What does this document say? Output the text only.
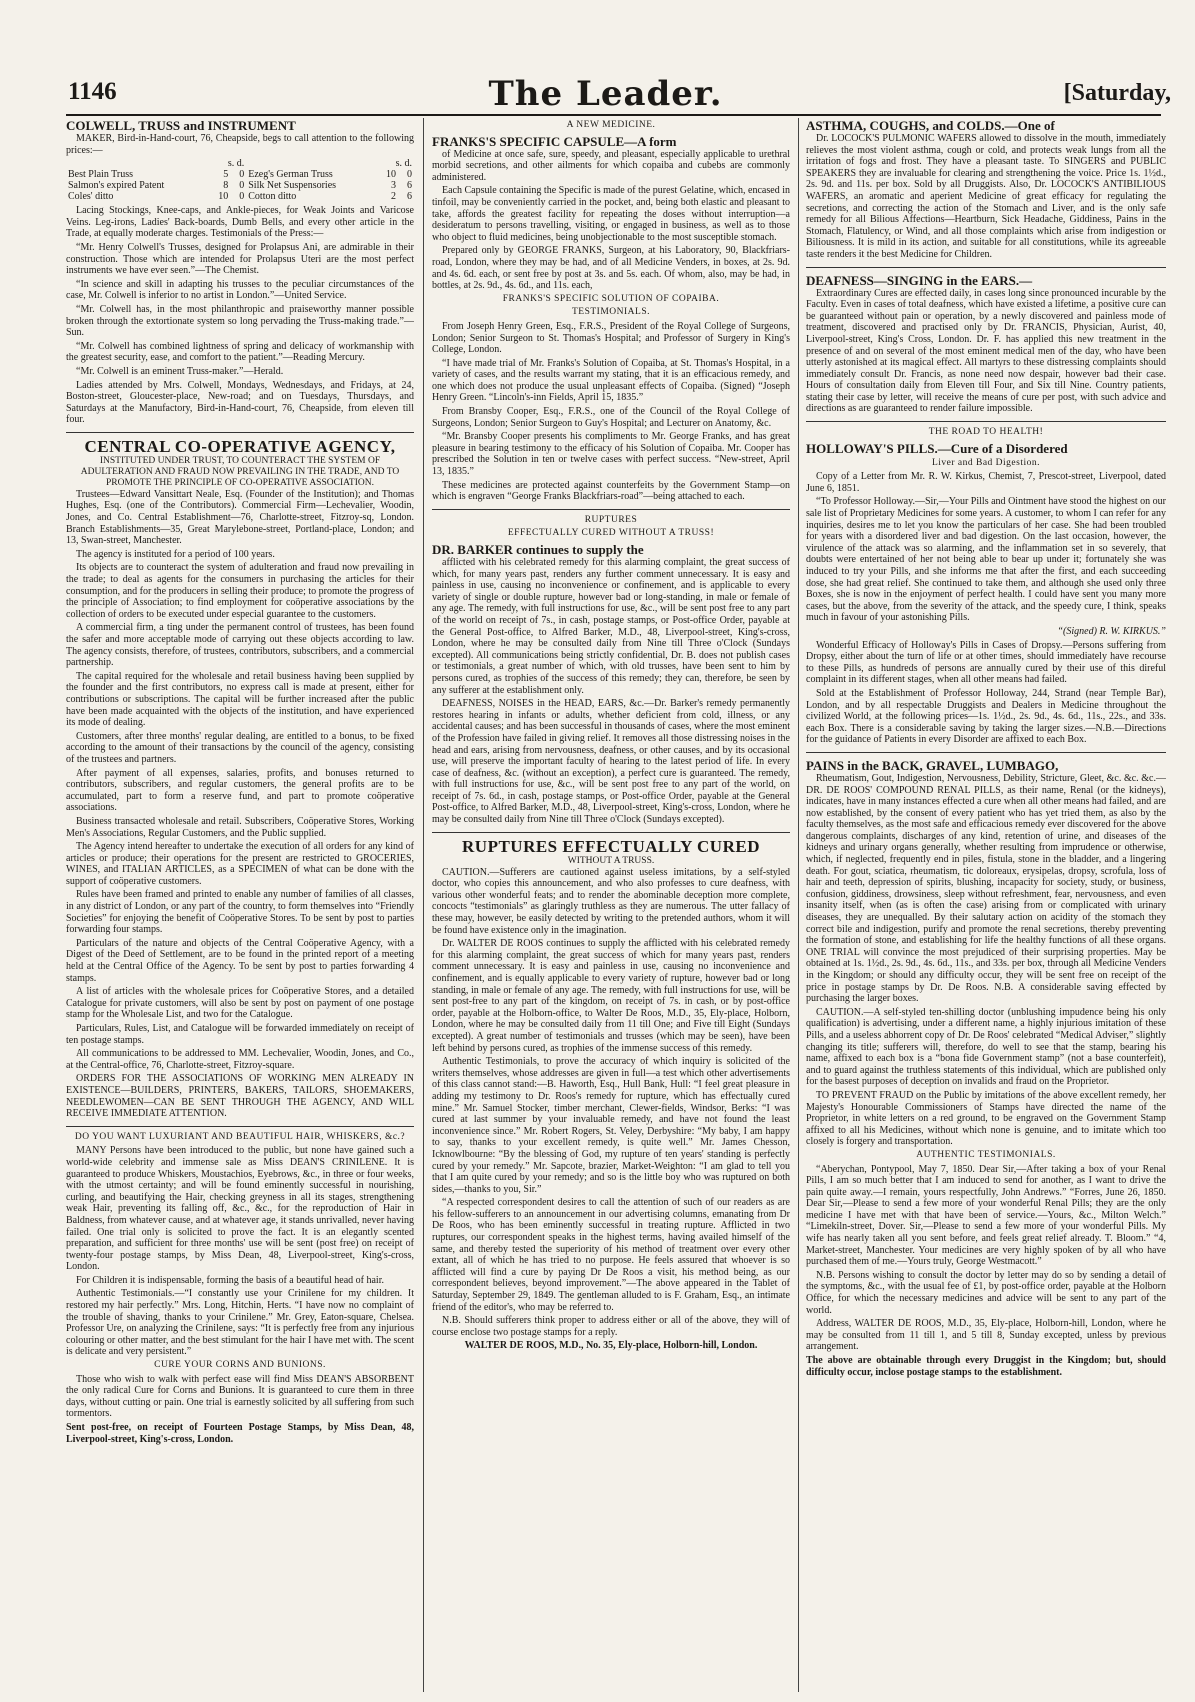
1146	The Leader.	[Saturday,
COLWELL, TRUSS and INSTRUMENT

MAKER, Bird-in-Hand-court, 76, Cheapside, begs to call attention to the following prices:—

	s. d.			s. d.	
Best Plain Truss	5	0	Ezeg's German Truss	10	0
Salmon's expired Patent	8	0	Silk Net Suspensories	3	6
Coles' ditto	10	0	Cotton ditto	2	6

Lacing Stockings, Knee-caps, and Ankle-pieces, for Weak Joints and Varicose Veins. Leg-irons, Ladies' Back-boards, Dumb Bells, and every other article in the Trade, at equally moderate charges. Testimonials of the Press:—

“Mr. Henry Colwell's Trusses, designed for Prolapsus Ani, are admirable in their construction. Those which are intended for Prolapsus Uteri are the most perfect instruments we have ever seen.”—The Chemist.

“In science and skill in adapting his trusses to the peculiar circumstances of the case, Mr. Colwell is inferior to no artist in London.”—United Service.

“Mr. Colwell has, in the most philanthropic and praiseworthy manner possible broken through the extortionate system so long pervading the Truss-making trade.”—Sun.

“Mr. Colwell has combined lightness of spring and delicacy of workmanship with the greatest security, ease, and comfort to the patient.”—Reading Mercury.

“Mr. Colwell is an eminent Truss-maker.”—Herald.

Ladies attended by Mrs. Colwell, Mondays, Wednesdays, and Fridays, at 24, Boston-street, Gloucester-place, New-road; and on Tuesdays, Thursdays, and Saturdays at the Manufactory, Bird-in-Hand-court, 76, Cheapside, from eleven till four.

CENTRAL CO-OPERATIVE AGENCY,
INSTITUTED UNDER TRUST, TO COUNTERACT THE SYSTEM OF ADULTERATION AND FRAUD NOW PREVAILING IN THE TRADE, AND TO PROMOTE THE PRINCIPLE OF CO-OPERATIVE ASSOCIATION.

Trustees—Edward Vansittart Neale, Esq. (Founder of the Institution); and Thomas Hughes, Esq. (one of the Contributors). Commercial Firm—Lechevalier, Woodin, Jones, and Co. Central Establishment—76, Charlotte-street, Fitzroy-sq, London. Branch Establishments—35, Great Marylebone-street, Portland-place, London; and 13, Swan-street, Manchester.

The agency is instituted for a period of 100 years.

Its objects are to counteract the system of adulteration and fraud now prevailing in the trade; to deal as agents for the consumers in purchasing the articles for their consumption, and for the producers in selling their produce; to promote the progress of the principle of Association; to find employment for coöperative associations by the collection of orders to be executed under especial guarantee to the customers.

A commercial firm, a ting under the permanent control of trustees, has been found the safer and more acceptable mode of carrying out these objects according to law. The agency consists, therefore, of trustees, contributors, subscribers, and a commercial partnership.

The capital required for the wholesale and retail business having been supplied by the founder and the first contributors, no express call is made at present, either for contributions or subscriptions. The capital will be further increased after the public have been made acquainted with the objects of the institution, and have experienced its mode of dealing.

Customers, after three months' regular dealing, are entitled to a bonus, to be fixed according to the amount of their transactions by the council of the agency, consisting of the trustees and partners.

After payment of all expenses, salaries, profits, and bonuses returned to contributors, subscribers, and regular customers, the general profits are to be accumulated, part to form a reserve fund, and part to promote coöperative associations.

Business transacted wholesale and retail. Subscribers, Coöperative Stores, Working Men's Associations, Regular Customers, and the Public supplied.

The Agency intend hereafter to undertake the execution of all orders for any kind of articles or produce; their operations for the present are restricted to GROCERIES, WINES, and ITALIAN ARTICLES, as a SPECIMEN of what can be done with the support of coöperative customers.

Rules have been framed and printed to enable any number of families of all classes, in any district of London, or any part of the country, to form themselves into “Friendly Societies” for enjoying the benefit of Coöperative Stores. To be sent by post to parties forwarding four stamps.

Particulars of the nature and objects of the Central Coöperative Agency, with a Digest of the Deed of Settlement, are to be found in the printed report of a meeting held at the Central Office of the Agency. To be sent by post to parties forwarding 4 stamps.

A list of articles with the wholesale prices for Coöperative Stores, and a detailed Catalogue for private customers, will also be sent by post on payment of one postage stamp for the Wholesale List, and two for the Catalogue.

Particulars, Rules, List, and Catalogue will be forwarded immediately on receipt of ten postage stamps.

All communications to be addressed to MM. Lechevalier, Woodin, Jones, and Co., at the Central-office, 76, Charlotte-street, Fitzroy-square.

ORDERS FOR THE ASSOCIATIONS OF WORKING MEN ALREADY IN EXISTENCE—BUILDERS, PRINTERS, BAKERS, TAILORS, SHOEMAKERS, NEEDLEWOMEN—CAN BE SENT THROUGH THE AGENCY, AND WILL RECEIVE IMMEDIATE ATTENTION.

DO YOU WANT LUXURIANT AND BEAUTIFUL HAIR, WHISKERS, &c.?

MANY Persons have been introduced to the public, but none have gained such a world-wide celebrity and immense sale as Miss DEAN'S CRINILENE. It is guaranteed to produce Whiskers, Moustachios, Eyebrows, &c., in three or four weeks, with the utmost certainty; and will be found eminently successful in nourishing, curling, and beautifying the Hair, checking greyness in all its stages, strengthening weak Hair, preventing its falling off, &c., &c., for the reproduction of Hair in Baldness, from whatever cause, and at whatever age, it stands unrivalled, never having failed. One trial only is solicited to prove the fact. It is an elegantly scented preparation, and sufficient for three months' use will be sent (post free) on receipt of twenty-four postage stamps, by Miss Dean, 48, Liverpool-street, King's-cross, London.

For Children it is indispensable, forming the basis of a beautiful head of hair.

Authentic Testimonials.—“I constantly use your Crinilene for my children. It restored my hair perfectly.” Mrs. Long, Hitchin, Herts. “I have now no complaint of the trouble of shaving, thanks to your Crinilene.” Mr. Grey, Eaton-square, Chelsea. Professor Ure, on analyzing the Crinilene, says: “It is perfectly free from any injurious colouring or other matter, and the best stimulant for the hair I have met with. The scent is delicate and very persistent.”

CURE YOUR CORNS AND BUNIONS.

Those who wish to walk with perfect ease will find Miss DEAN'S ABSORBENT the only radical Cure for Corns and Bunions. It is guaranteed to cure them in three days, without cutting or pain. One trial is earnestly solicited by all suffering from such tormentors.

Sent post-free, on receipt of Fourteen Postage Stamps, by Miss Dean, 48, Liverpool-street, King's-cross, London.

A NEW MEDICINE.
FRANKS'S SPECIFIC CAPSULE—A form

of Medicine at once safe, sure, speedy, and pleasant, especially applicable to urethral morbid secretions, and other ailments for which copaiba and cubebs are commonly administered.

Each Capsule containing the Specific is made of the purest Gelatine, which, encased in tinfoil, may be conveniently carried in the pocket, and, being both elastic and pleasant to take, affords the greatest facility for repeating the doses without interruption—a desideratum to persons travelling, visiting, or engaged in business, as well as to those who object to fluid medicines, being unobjectionable to the most susceptible stomach.

Prepared only by GEORGE FRANKS, Surgeon, at his Laboratory, 90, Blackfriars-road, London, where they may be had, and of all Medicine Venders, in boxes, at 2s. 9d. and 4s. 6d. each, or sent free by post at 3s. and 5s. each. Of whom, also, may be had, in bottles, at 2s. 9d., 4s. 6d., and 11s. each,

FRANKS'S SPECIFIC SOLUTION OF COPAIBA.
TESTIMONIALS.

From Joseph Henry Green, Esq., F.R.S., President of the Royal College of Surgeons, London; Senior Surgeon to St. Thomas's Hospital; and Professor of Surgery in King's College, London.

“I have made trial of Mr. Franks's Solution of Copaiba, at St. Thomas's Hospital, in a variety of cases, and the results warrant my stating, that it is an efficacious remedy, and one which does not produce the usual unpleasant effects of Copaiba. (Signed) “Joseph Henry Green. “Lincoln's-inn Fields, April 15, 1835.”

From Bransby Cooper, Esq., F.R.S., one of the Council of the Royal College of Surgeons, London; Senior Surgeon to Guy's Hospital; and Lecturer on Anatomy, &c.

“Mr. Bransby Cooper presents his compliments to Mr. George Franks, and has great pleasure in bearing testimony to the efficacy of his Solution of Copaiba. Mr. Cooper has prescribed the Solution in ten or twelve cases with perfect success. “New-street, April 13, 1835.”

These medicines are protected against counterfeits by the Government Stamp—on which is engraven “George Franks Blackfriars-road”—being attached to each.

RUPTURES
EFFECTUALLY CURED WITHOUT A TRUSS!
DR. BARKER continues to supply the

afflicted with his celebrated remedy for this alarming complaint, the great success of which, for many years past, renders any further comment unnecessary. It is easy and painless in use, causing no inconvenience or confinement, and is applicable to every variety of single or double rupture, however bad or long-standing, in male or female of any age. The remedy, with full instructions for use, &c., will be sent post free to any part of the world on receipt of 7s., in cash, postage stamps, or Post-office Order, payable at the General Post-office, to Alfred Barker, M.D., 48, Liverpool-street, King's-cross, London, where he may be consulted daily from Nine till Three o'Clock (Sundays excepted). All communications being strictly confidential, Dr. B. does not publish cases or testimonials, a great number of which, with old trusses, have been sent to him by persons cured, as trophies of the success of this remedy; they can, therefore, be seen by any sufferer at the establishment only.

DEAFNESS, NOISES in the HEAD, EARS, &c.—Dr. Barker's remedy permanently restores hearing in infants or adults, whether deficient from cold, illness, or any accidental causes; and has been successful in thousands of cases, where the most eminent of the Profession have failed in giving relief. It removes all those distressing noises in the head and ears, arising from nervousness, deafness, or other causes, and by its occasional use, will preserve the important faculty of hearing to the latest period of life. In every case of deafness, &c. (without an exception), a perfect cure is guaranteed. The remedy, with full instructions for use, &c., will be sent post free to any part of the world, on receipt of 7s. 6d., in cash, postage stamps, or Post-office Order, payable at the General Post-office, to Alfred Barker, M.D., 48, Liverpool-street, King's-cross, London, where he may be consulted daily from Nine till Three o'Clock (Sundays excepted).

RUPTURES EFFECTUALLY CURED
WITHOUT A TRUSS.

CAUTION.—Sufferers are cautioned against useless imitations, by a self-styled doctor, who copies this announcement, and who also professes to cure deafness, with various other wonderful feats; and to render the abominable deception more complete, concocts “testimonials” as glaringly truthless as they are numerous. The utter fallacy of these may, however, be easily detected by writing to the pretended authors, whom it will be found have existence only in the imagination.

Dr. WALTER DE ROOS continues to supply the afflicted with his celebrated remedy for this alarming complaint, the great success of which for many years past, renders comment unnecessary. It is easy and painless in use, causing no inconvenience and confinement, and is equally applicable to every variety of rupture, however bad or long standing, in male or female of any age. The remedy, with full instructions for use, will be sent post-free to any part of the kingdom, on receipt of 7s. in cash, or by post-office order, payable at the Holborn-office, to Walter De Roos, M.D., 35, Ely-place, Holborn, London, where he may be consulted daily from 11 till One; and Five till Eight (Sundays excepted). A great number of testimonials and trusses (which may be seen), have been left behind by persons cured, as trophies of the immense success of this remedy.

Authentic Testimonials, to prove the accuracy of which inquiry is solicited of the writers themselves, whose addresses are given in full—a test which other advertisements of this class cannot stand:—B. Haworth, Esq., Hull Bank, Hull: “I feel great pleasure in adding my testimony to Dr. Roos's remedy for rupture, which has effectually cured mine.” Mr. Samuel Stocker, timber merchant, Clewer-fields, Windsor, Berks: “I was cured at last summer by your invaluable remedy, and have not found the least inconvenience since.” Mr. Robert Rogers, St. Veley, Derbyshire: “My baby, I am happy to say, thanks to your excellent remedy, is quite well.” Mr. James Chesson, Icknowlbourne: “By the blessing of God, my rupture of ten years' standing is perfectly cured by your remedy.” Mr. Sapcote, brazier, Market-Weighton: “I am glad to tell you that I am quite cured by your remedy; and so is the little boy who was ruptured on both sides,—thanks to you, Sir.”

“A respected correspondent desires to call the attention of such of our readers as are his fellow-sufferers to an announcement in our advertising columns, emanating from Dr De Roos, who has been eminently successful in treating rupture. Afflicted in two ruptures, our correspondent speaks in the highest terms, having availed himself of the same, and thereby tested the superiority of his method of treatment over every other extant, all of which he has tried to no purpose. He feels assured that whoever is so afflicted will find a cure by paying Dr De Roos a visit, his method being, as our correspondent believes, beyond improvement.”—The above appeared in the Tablet of Saturday, September 29, 1849. The gentleman alluded to is F. Graham, Esq., an intimate friend of the editor's, who may be referred to.

N.B. Should sufferers think proper to address either or all of the above, they will of course enclose two postage stamps for a reply.

WALTER DE ROOS, M.D., No. 35, Ely-place, Holborn-hill, London.

ASTHMA, COUGHS, and COLDS.—One of

Dr. LOCOCK'S PULMONIC WAFERS allowed to dissolve in the mouth, immediately relieves the most violent asthma, cough or cold, and protects weak lungs from all the irritation of fogs and frost. They have a pleasant taste. To SINGERS and PUBLIC SPEAKERS they are invaluable for clearing and strengthening the voice. Price 1s. 1½d., 2s. 9d. and 11s. per box. Sold by all Druggists. Also, Dr. LOCOCK'S ANTIBILIOUS WAFERS, an aromatic and aperient Medicine of great efficacy for regulating the secretions, and correcting the action of the Stomach and Liver, and is the only safe remedy for all Bilious Affections—Heartburn, Sick Headache, Giddiness, Pains in the Stomach, Flatulency, or Wind, and all those complaints which arise from indigestion or Biliousness. It is mild in its action, and suitable for all constitutions, while its agreeable taste renders it the best Medicine for Children.

DEAFNESS—SINGING in the EARS.—

Extraordinary Cures are effected daily, in cases long since pronounced incurable by the Faculty. Even in cases of total deafness, which have existed a lifetime, a positive cure can be guaranteed without pain or operation, by a newly discovered and painless mode of treatment, discovered and practised only by Dr. FRANCIS, Physician, Aurist, 40, Liverpool-street, King's Cross, London. Dr. F. has applied this new treatment in the presence of and on several of the most eminent medical men of the day, who have been utterly astonished at its magical effect. All martyrs to these distressing complaints should immediately consult Dr. Francis, as none need now despair, however bad their case. Hours of consultation daily from Eleven till Four, and Six till Nine. Country patients, stating their case by letter, will receive the means of cure per post, with such advice and directions as are guaranteed to render failure impossible.

THE ROAD TO HEALTH!
HOLLOWAY'S PILLS.—Cure of a Disordered
Liver and Bad Digestion.

Copy of a Letter from Mr. R. W. Kirkus, Chemist, 7, Prescot-street, Liverpool, dated June 6, 1851.

“To Professor Holloway.—Sir,—Your Pills and Ointment have stood the highest on our sale list of Proprietary Medicines for some years. A customer, to whom I can refer for any inquiries, desires me to let you know the particulars of her case. She had been troubled for years with a disordered liver and bad digestion. On the last occasion, however, the virulence of the attack was so alarming, and the inflammation set in so severely, that doubts were entertained of her not being able to bear up under it; fortunately she was induced to try your Pills, and she informs me that after the first, and each succeeding dose, she had great relief. She continued to take them, and although she used only three Boxes, she is now in the enjoyment of perfect health. I could have sent you many more cases, but the above, from the severity of the attack, and the speedy cure, I think, speaks much in favour of your astonishing Pills.

“(Signed) R. W. KIRKUS.”

Wonderful Efficacy of Holloway's Pills in Cases of Dropsy.—Persons suffering from Dropsy, either about the turn of life or at other times, should immediately have recourse to these Pills, as hundreds of persons are annually cured by their use of this direful complaint in its different stages, when all other means had failed.

Sold at the Establishment of Professor Holloway, 244, Strand (near Temple Bar), London, and by all respectable Druggists and Dealers in Medicine throughout the civilized World, at the following prices—1s. 1½d., 2s. 9d., 4s. 6d., 11s., 22s., and 33s. each Box. There is a considerable saving by taking the larger sizes.—N.B.—Directions for the guidance of Patients in every Disorder are affixed to each Box.

PAINS in the BACK, GRAVEL, LUMBAGO,

Rheumatism, Gout, Indigestion, Nervousness, Debility, Stricture, Gleet, &c. &c. &c.—DR. DE ROOS' COMPOUND RENAL PILLS, as their name, Renal (or the kidneys), indicates, have in many instances effected a cure when all other means had failed, and are now established, by the consent of every patient who has yet tried them, as also by the faculty themselves, as the most safe and efficacious remedy ever discovered for the above dangerous complaints, discharges of any kind, retention of urine, and diseases of the kidneys and urinary organs generally, whether resulting from imprudence or otherwise, which, if neglected, frequently end in piles, fistula, stone in the bladder, and a lingering death. For gout, sciatica, rheumatism, tic doloreaux, erysipelas, dropsy, scrofula, loss of hair and teeth, depression of spirits, blushing, incapacity for society, study, or business, confusion, giddiness, drowsiness, sleep without refreshment, fear, nervousness, and even insanity itself, when (as is often the case) arising from or complicated with urinary diseases, they are unequalled. By their salutary action on acidity of the stomach they correct bile and indigestion, purify and promote the renal secretions, thereby preventing the formation of stone, and establishing for life the healthy functions of all these organs. ONE TRIAL will convince the most prejudiced of their surprising properties. May be obtained at 1s. 1½d., 2s. 9d., 4s. 6d., 11s., and 33s. per box, through all Medicine Venders in the Kingdom; or should any difficulty occur, they will be sent free on receipt of the price in postage stamps by Dr. De Roos. N.B. A considerable saving effected by purchasing the larger boxes.

CAUTION.—A self-styled ten-shilling doctor (unblushing impudence being his only qualification) is advertising, under a different name, a highly injurious imitation of these Pills, and a useless abhorrent copy of Dr. De Roos' celebrated “Medical Adviser,” slightly changing its title; sufferers will, therefore, do well to see that the stamp, bearing his name, affixed to each box is a “bona fide Government stamp” (not a base counterfeit), and to guard against the truthless statements of this individual, which are published only for the basest purposes of deception on invalids and fraud on the Proprietor.

TO PREVENT FRAUD on the Public by imitations of the above excellent remedy, her Majesty's Honourable Commissioners of Stamps have directed the name of the Proprietor, in white letters on a red ground, to be engraved on the Government Stamp affixed to all his Medicines, without which none is genuine, and to imitate which too closely is forgery and transportation.

AUTHENTIC TESTIMONIALS.

“Aberychan, Pontypool, May 7, 1850. Dear Sir,—After taking a box of your Renal Pills, I am so much better that I am induced to send for another, as I want to drive the pain quite away.—I remain, yours respectfully, John Andrews.” “Forres, June 26, 1850. Dear Sir,—Please to send a few more of your wonderful Renal Pills; they are the only medicine I have met with that have been of service.—Yours, &c., Milton Welch.” “Limekiln-street, Dover. Sir,—Please to send a few more of your wonderful Pills. My wife has nearly taken all you sent before, and feels great relief already. T. Bloom.” “4, Market-street, Manchester. Your medicines are very highly spoken of by all who have purchased them of me.—Yours truly, George Westmacott.”

N.B. Persons wishing to consult the doctor by letter may do so by sending a detail of the symptoms, &c., with the usual fee of £1, by post-office order, payable at the Holborn Office, for which the necessary medicines and advice will be sent to any part of the world.

Address, WALTER DE ROOS, M.D., 35, Ely-place, Holborn-hill, London, where he may be consulted from 11 till 1, and 5 till 8, Sunday excepted, unless by previous arrangement.

The above are obtainable through every Druggist in the Kingdom; but, should difficulty occur, inclose postage stamps to the establishment.
